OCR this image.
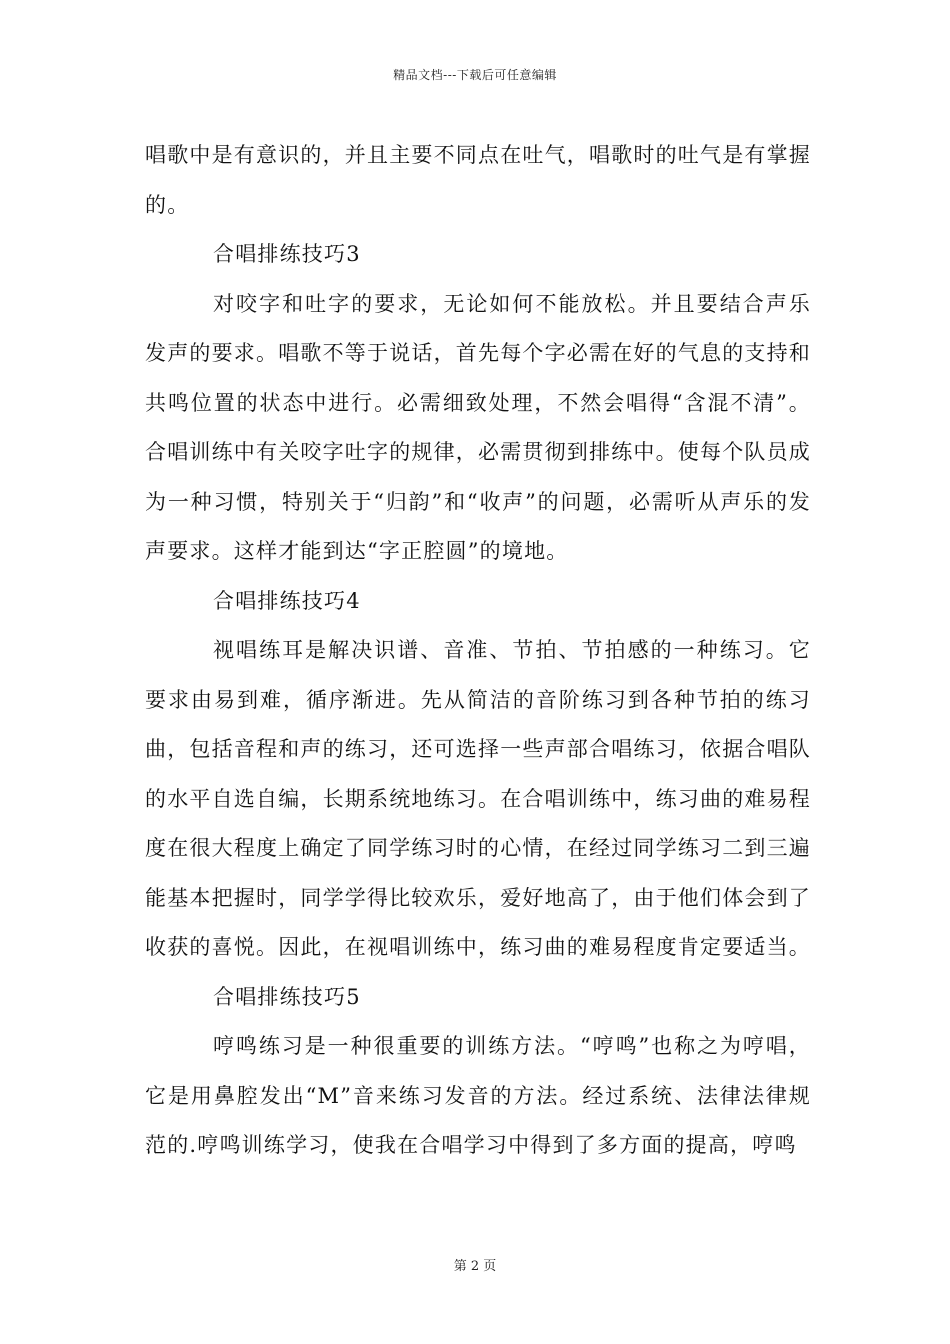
精品文档---下载后可任意编辑

唱歌中是有意识的，并且主要不同点在吐气，唱歌时的吐气是有掌握的。

合唱排练技巧3

对咬字和吐字的要求，无论如何不能放松。并且要结合声乐发声的要求。唱歌不等于说话，首先每个字必需在好的气息的支持和共鸣位置的状态中进行。必需细致处理，不然会唱得“含混不清”。合唱训练中有关咬字吐字的规律，必需贯彻到排练中。使每个队员成为一种习惯，特别关于“归韵”和“收声”的问题，必需听从声乐的发声要求。这样才能到达“字正腔圆”的境地。

合唱排练技巧4

视唱练耳是解决识谱、音准、节拍、节拍感的一种练习。它要求由易到难，循序渐进。先从简洁的音阶练习到各种节拍的练习曲，包括音程和声的练习，还可选择一些声部合唱练习，依据合唱队的水平自选自编，长期系统地练习。在合唱训练中，练习曲的难易程度在很大程度上确定了同学练习时的心情，在经过同学练习二到三遍能基本把握时，同学学得比较欢乐，爱好地高了，由于他们体会到了收获的喜悦。因此，在视唱训练中，练习曲的难易程度肯定要适当。

合唱排练技巧5

哼鸣练习是一种很重要的训练方法。“哼鸣”也称之为哼唱，它是用鼻腔发出“M”音来练习发音的方法。经过系统、法律法律规范的.哼鸣训练学习，使我在合唱学习中得到了多方面的提高，哼鸣

第 2 页
